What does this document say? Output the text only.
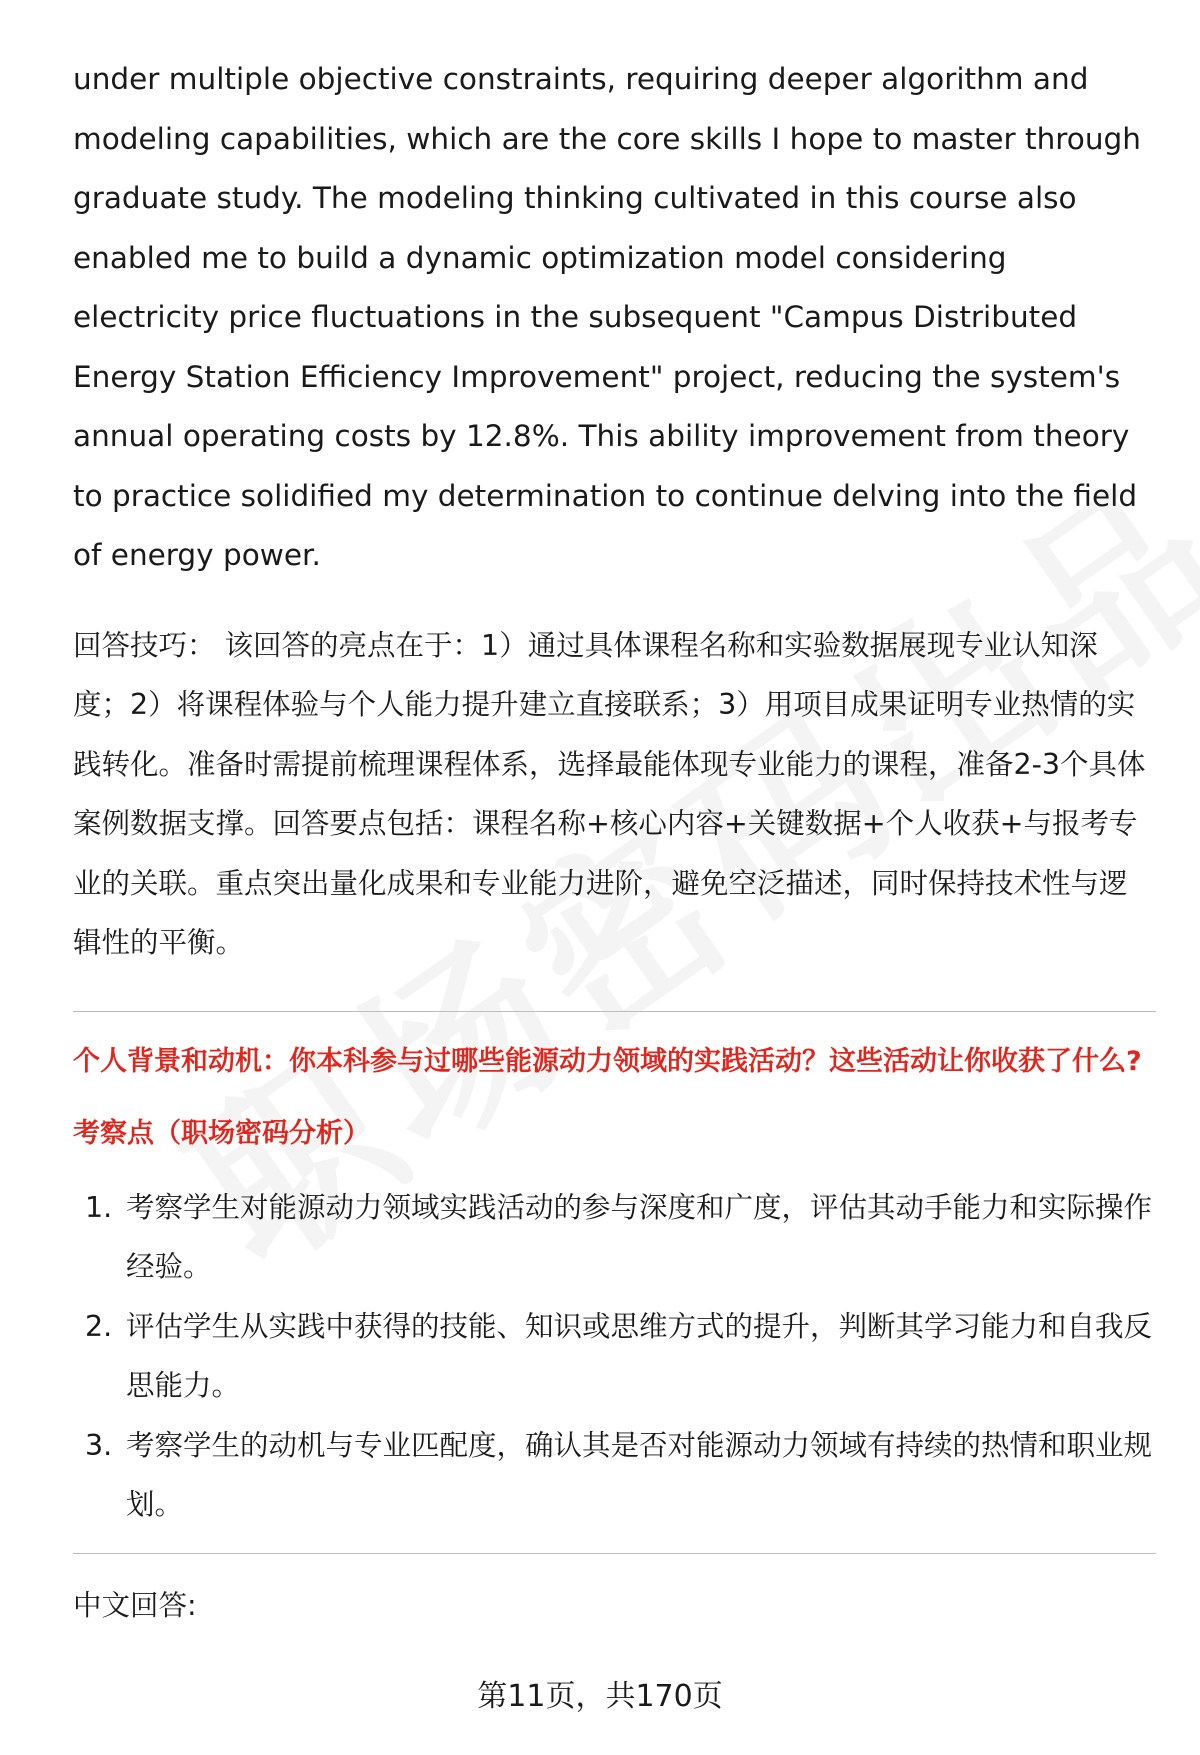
under multiple objective constraints, requiring deeper algorithm and modeling capabilities, which are the core skills I hope to master through graduate study. The modeling thinking cultivated in this course also enabled me to build a dynamic optimization model considering electricity price fluctuations in the subsequent "Campus Distributed Energy Station Efficiency Improvement" project, reducing the system's annual operating costs by 12.8%. This ability improvement from theory to practice solidified my determination to continue delving into the field of energy power.

回答技巧： 该回答的亮点在于：1）通过具体课程名称和实验数据展现专业认知深度；2）将课程体验与个人能力提升建立直接联系；3）用项目成果证明专业热情的实践转化。准备时需提前梳理课程体系，选择最能体现专业能力的课程，准备2-3个具体案例数据支撑。回答要点包括：课程名称+核心内容+关键数据+个人收获+与报考专业的关联。重点突出量化成果和专业能力进阶，避免空泛描述，同时保持技术性与逻辑性的平衡。

个人背景和动机：你本科参与过哪些能源动力领域的实践活动？这些活动让你收获了什么?

考察点（职场密码分析）

1. 考察学生对能源动力领域实践活动的参与深度和广度，评估其动手能力和实际操作经验。
2. 评估学生从实践中获得的技能、知识或思维方式的提升，判断其学习能力和自我反思能力。
3. 考察学生的动机与专业匹配度，确认其是否对能源动力领域有持续的热情和职业规划。

中文回答:

第11页，共170页
